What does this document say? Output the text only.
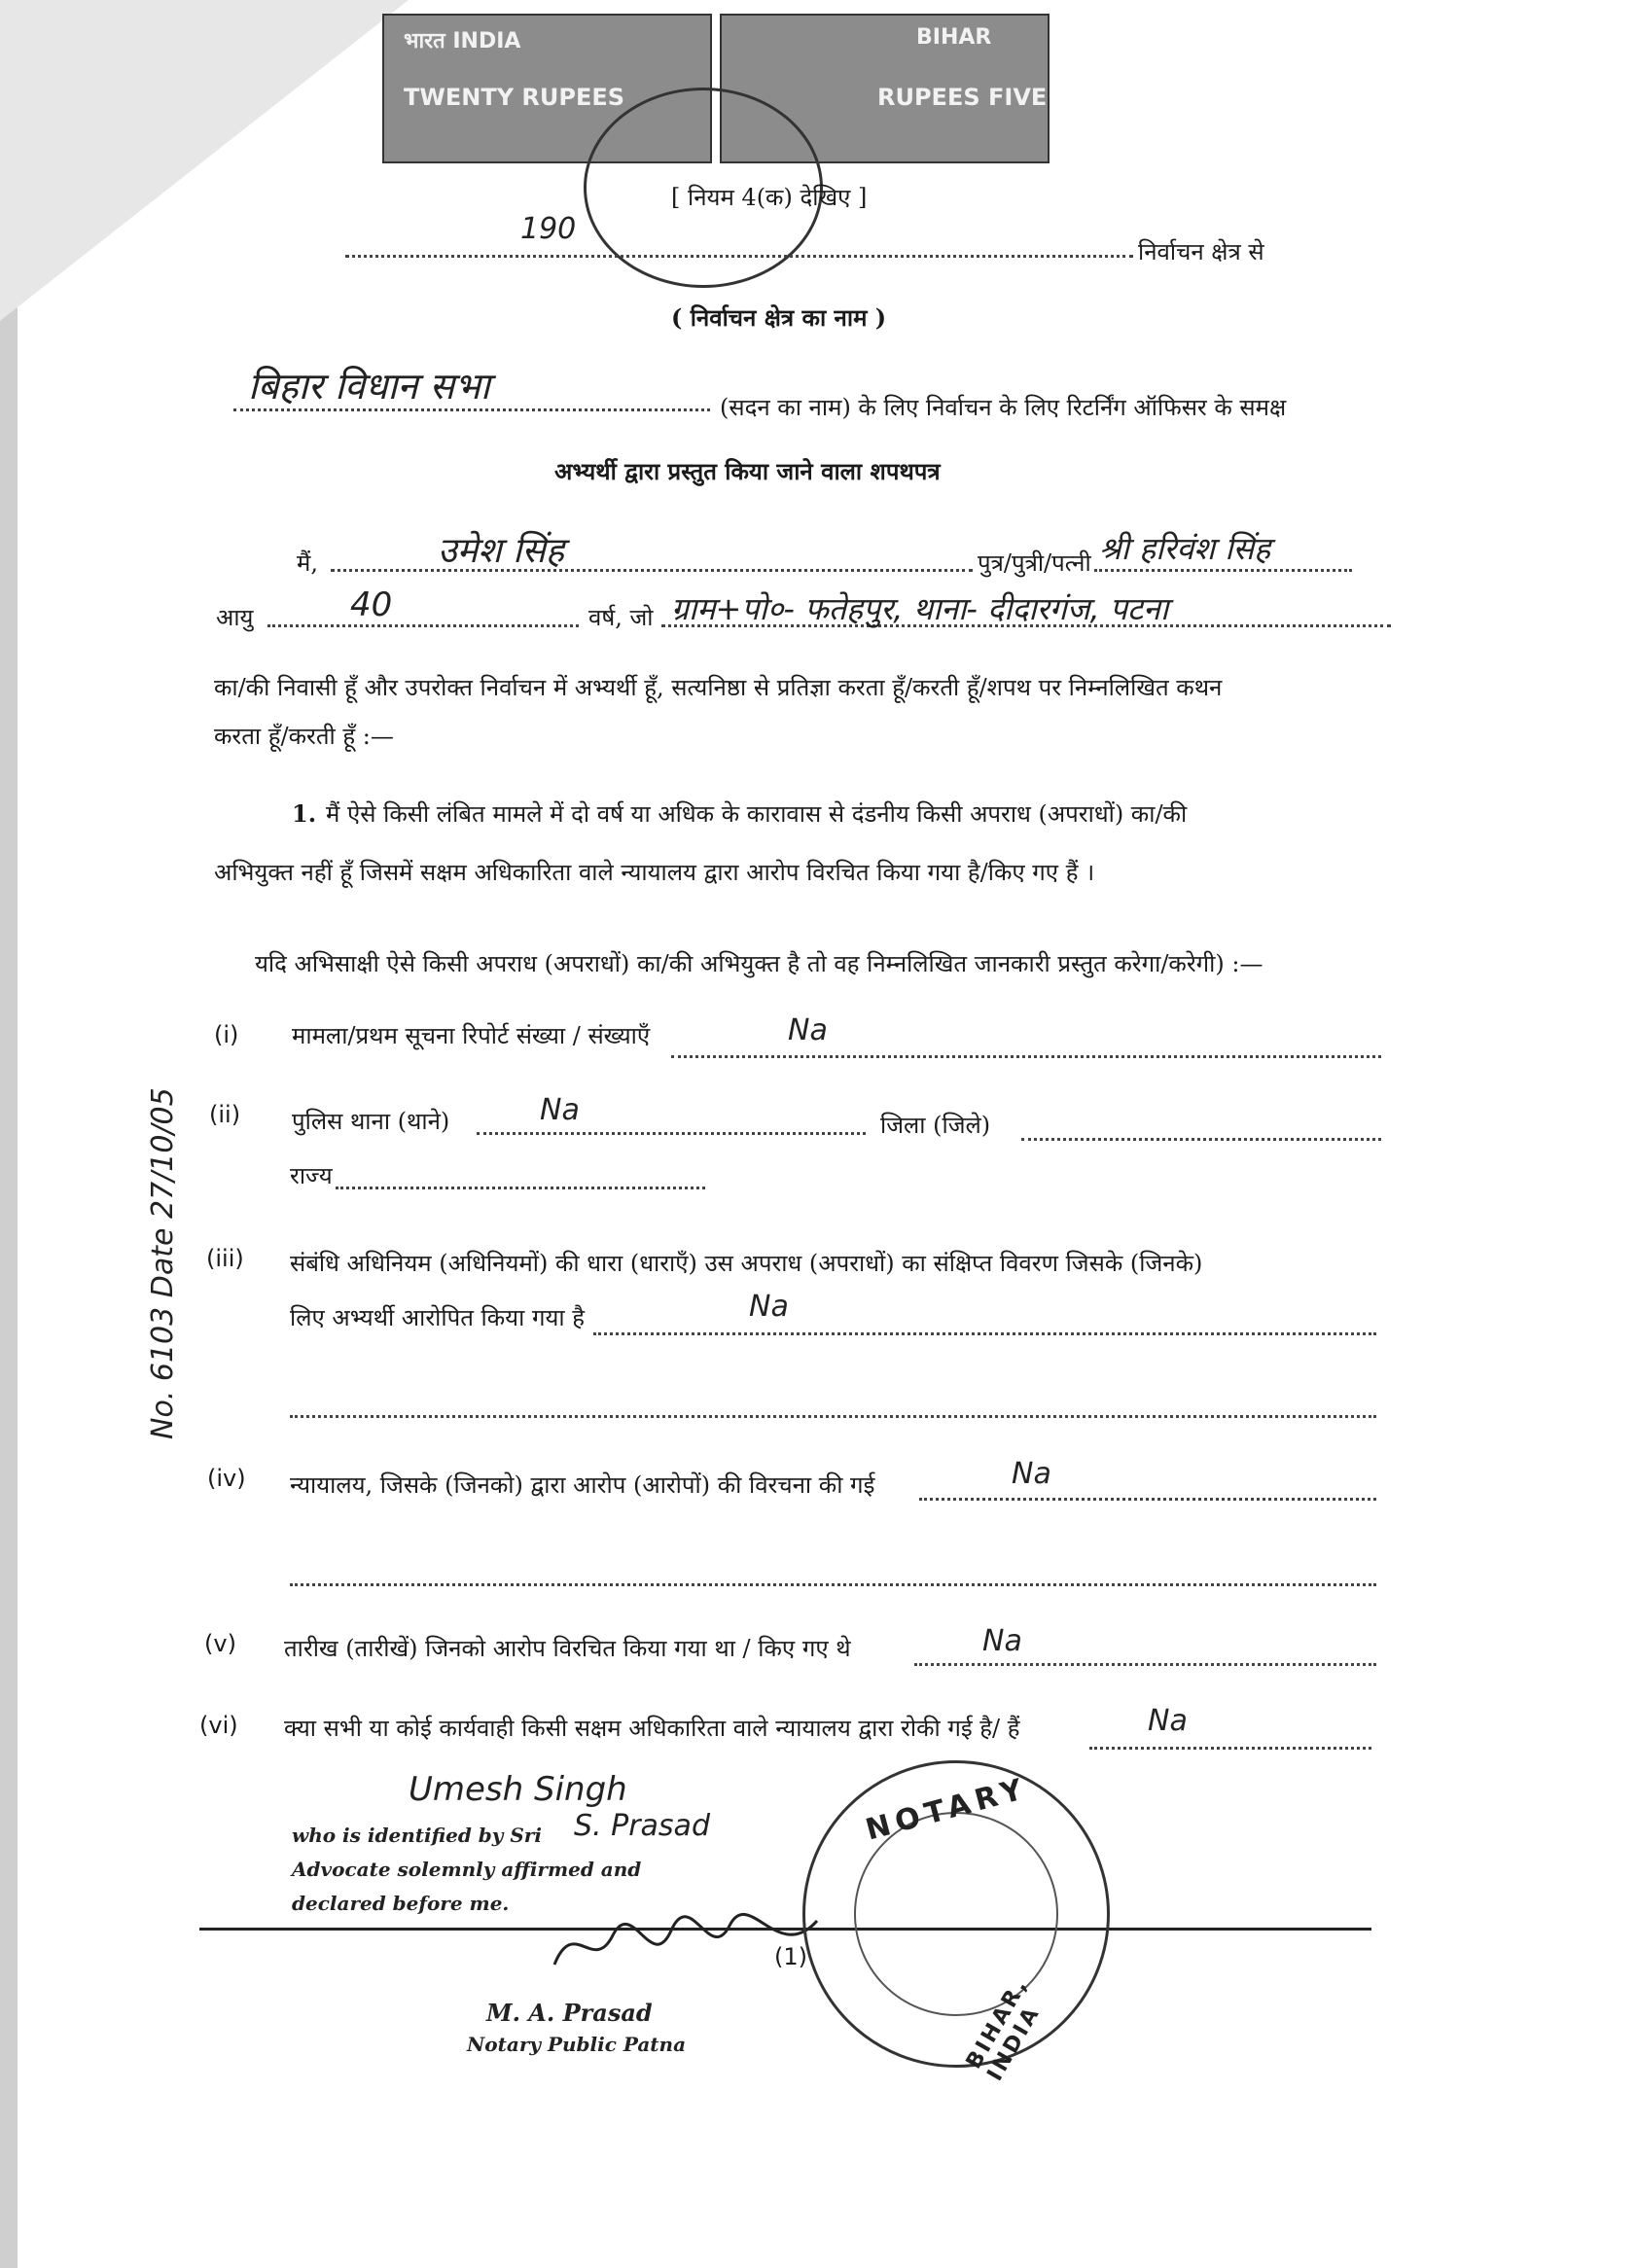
भारत INDIA
TWENTY RUPEES
BIHAR
RUPEES FIVE
[ नियम 4(क) देखिए ]
190
निर्वाचन क्षेत्र से
( निर्वाचन क्षेत्र का नाम )
बिहार विधान सभा	(सदन का नाम) के लिए निर्वाचन के लिए रिटर्निंग ऑफिसर के समक्ष
अभ्यर्थी द्वारा प्रस्तुत किया जाने वाला शपथपत्र
मैं,	उमेश सिंह	पुत्र/पुत्री/पत्नी श्री हरिवंश सिंह
आयु	40	वर्ष, जो ग्राम+पो०- फतेहपुर, थाना- दीदारगंज, पटना
का/की निवासी हूँ और उपरोक्त निर्वाचन में अभ्यर्थी हूँ, सत्यनिष्ठा से प्रतिज्ञा करता हूँ/करती हूँ/शपथ पर निम्नलिखित कथन
करता हूँ/करती हूँ :—
1. मैं ऐसे किसी लंबित मामले में दो वर्ष या अधिक के कारावास से दंडनीय किसी अपराध (अपराधों) का/की
अभियुक्त नहीं हूँ जिसमें सक्षम अधिकारिता वाले न्यायालय द्वारा आरोप विरचित किया गया है/किए गए हैं ।
यदि अभिसाक्षी ऐसे किसी अपराध (अपराधों) का/की अभियुक्त है तो वह निम्नलिखित जानकारी प्रस्तुत करेगा/करेगी) :—
(i) मामला/प्रथम सूचना रिपोर्ट संख्या / संख्याएँ	Na
(ii) पुलिस थाना (थाने)	Na	जिला (जिले)
राज्य
(iii) संबंधि अधिनियम (अधिनियमों) की धारा (धाराएँ) उस अपराध (अपराधों) का संक्षिप्त विवरण जिसके (जिनके)
लिए अभ्यर्थी आरोपित किया गया है	Na
(iv) न्यायालय, जिसके (जिनको) द्वारा आरोप (आरोपों) की विरचना की गई	Na
(v) तारीख (तारीखें) जिनको आरोप विरचित किया गया था / किए गए थे	Na
(vi) क्या सभी या कोई कार्यवाही किसी सक्षम अधिकारिता वाले न्यायालय द्वारा रोकी गई है/ हैं	Na
No. 6103 Date 27/10/05
Umesh Singh
who is identified by Sri S. Prasad
Advocate solemnly affirmed and
declared before me.
(1)
M. A. Prasad
Notary Public Patna
NOTARY
BIHAR, INDIA
